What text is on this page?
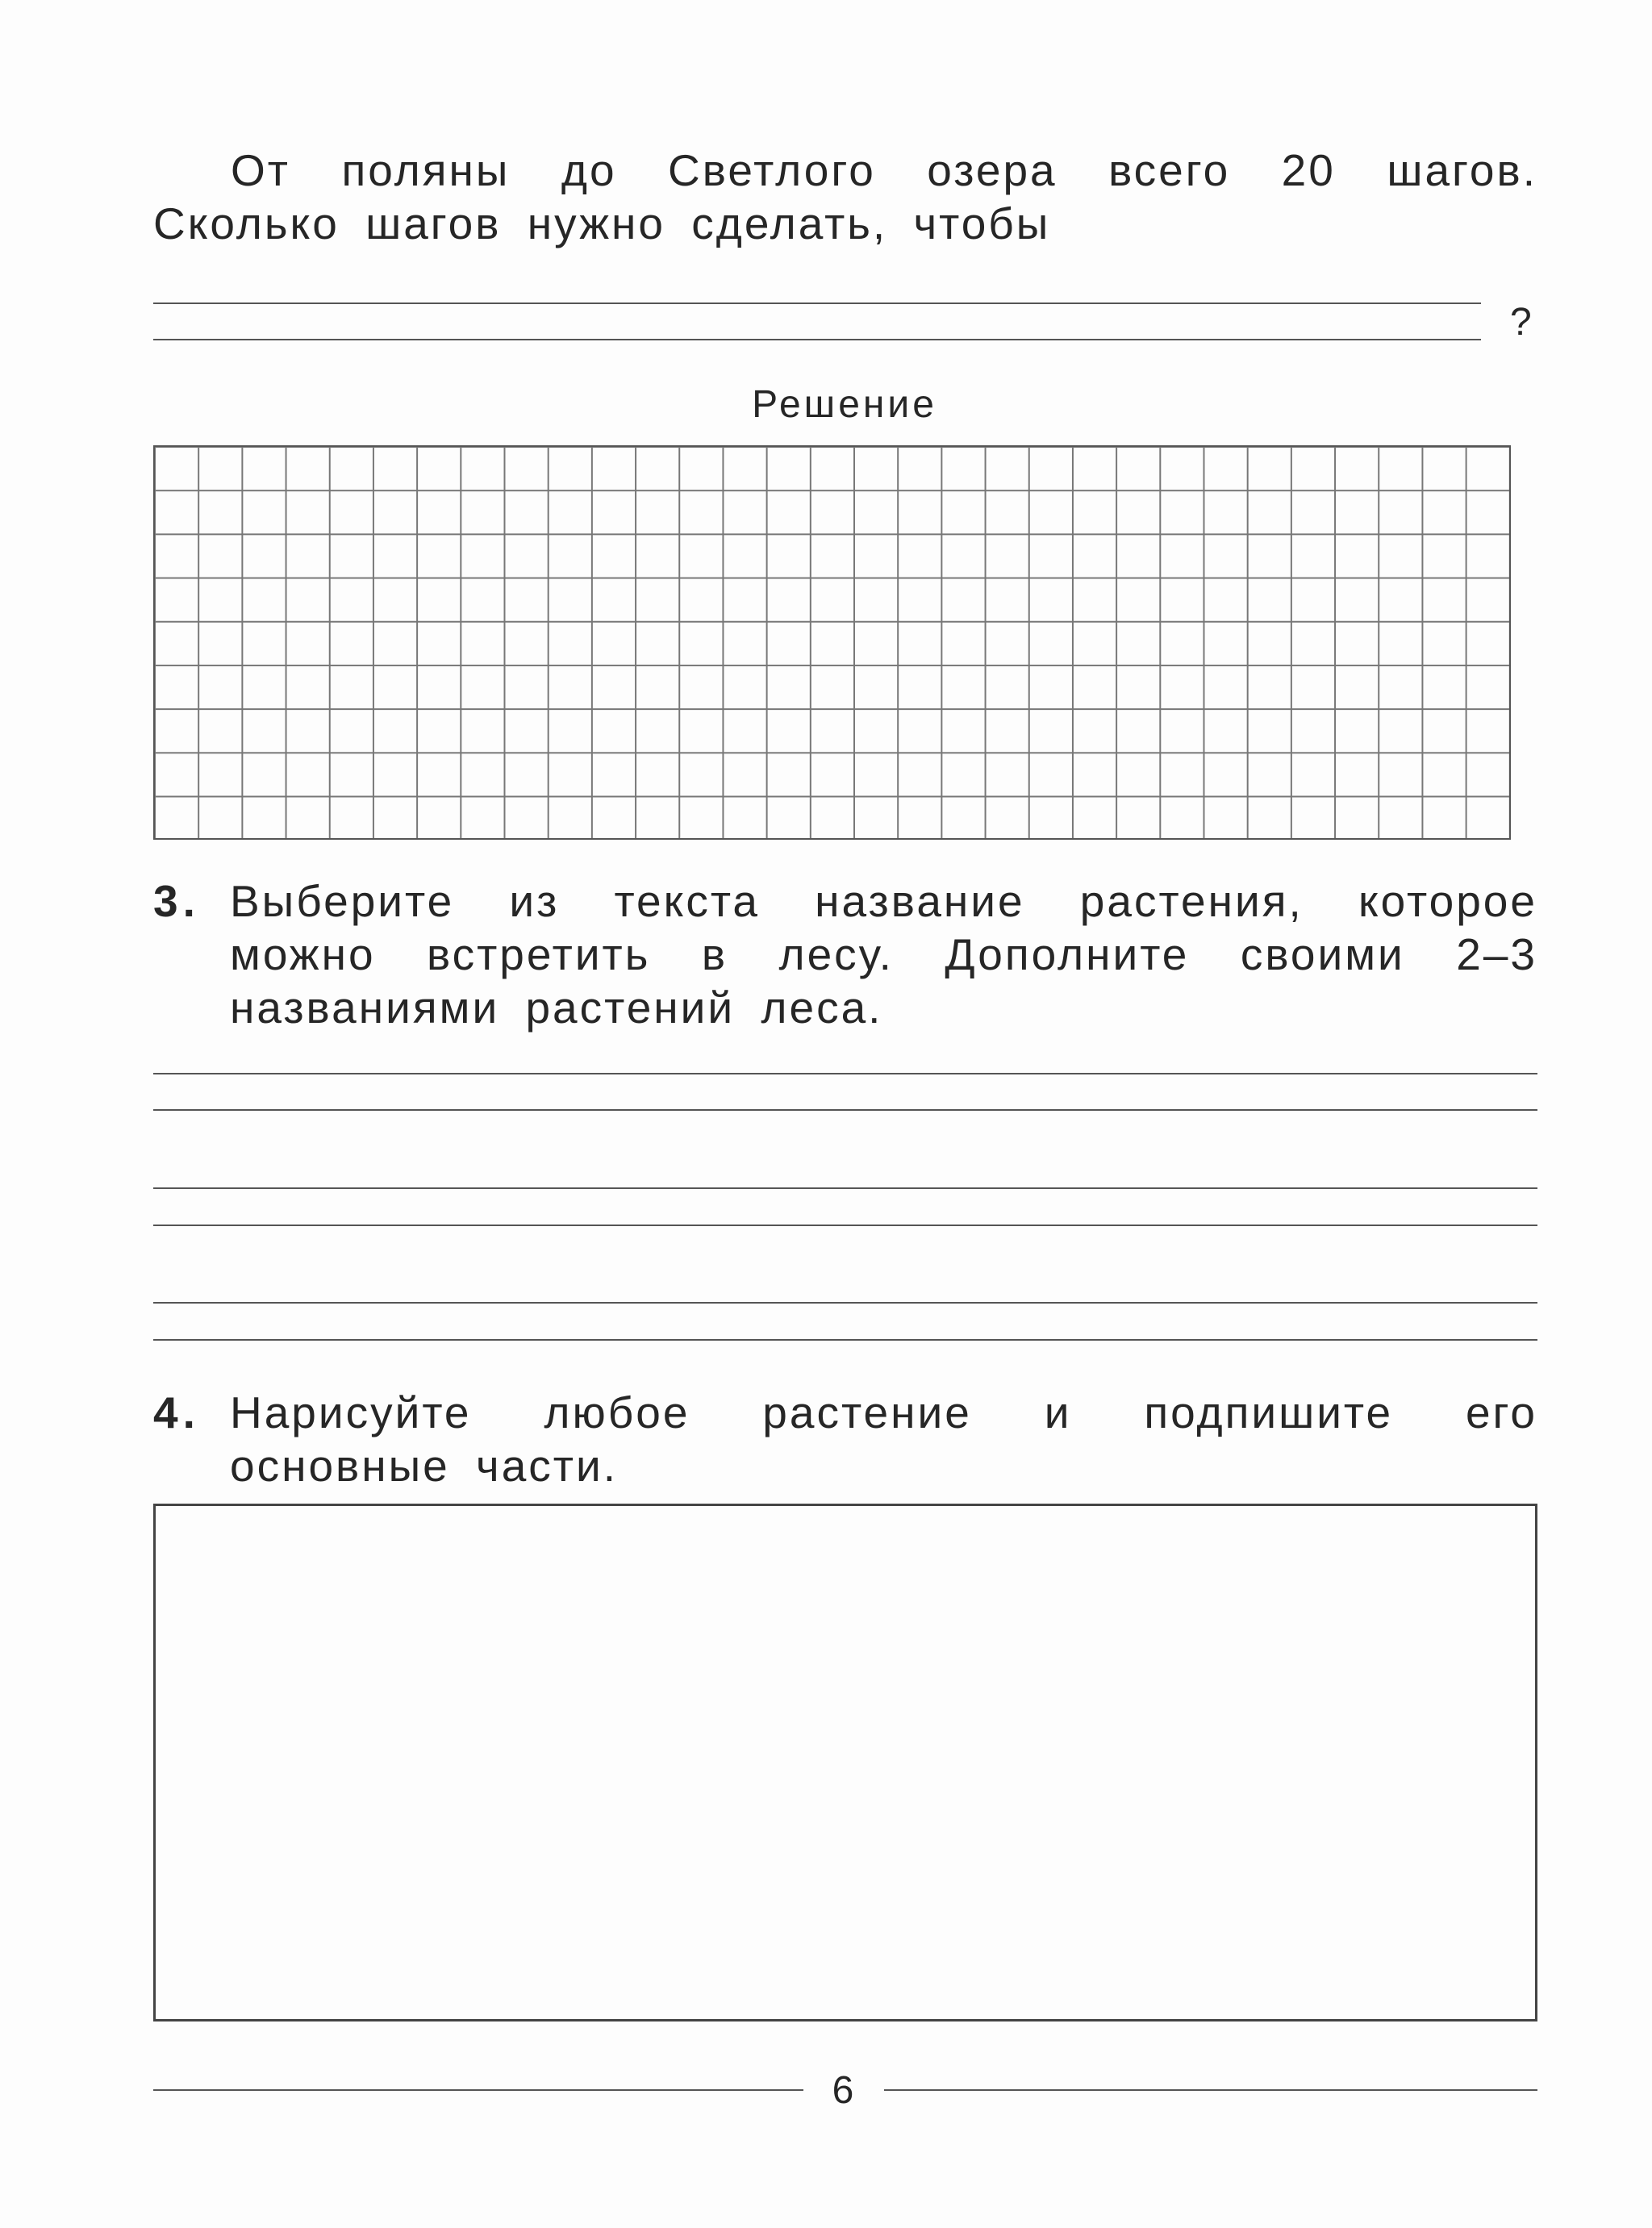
От поляны до Светлого озера всего 20 шагов. Сколько шагов нужно сделать, чтобы

?
Решение
3. Выберите из текста название растения, которое можно встретить в лесу. Дополните своими 2–3 названиями растений леса.

4. Нарисуйте любое растение и подпишите его основные части.

6
